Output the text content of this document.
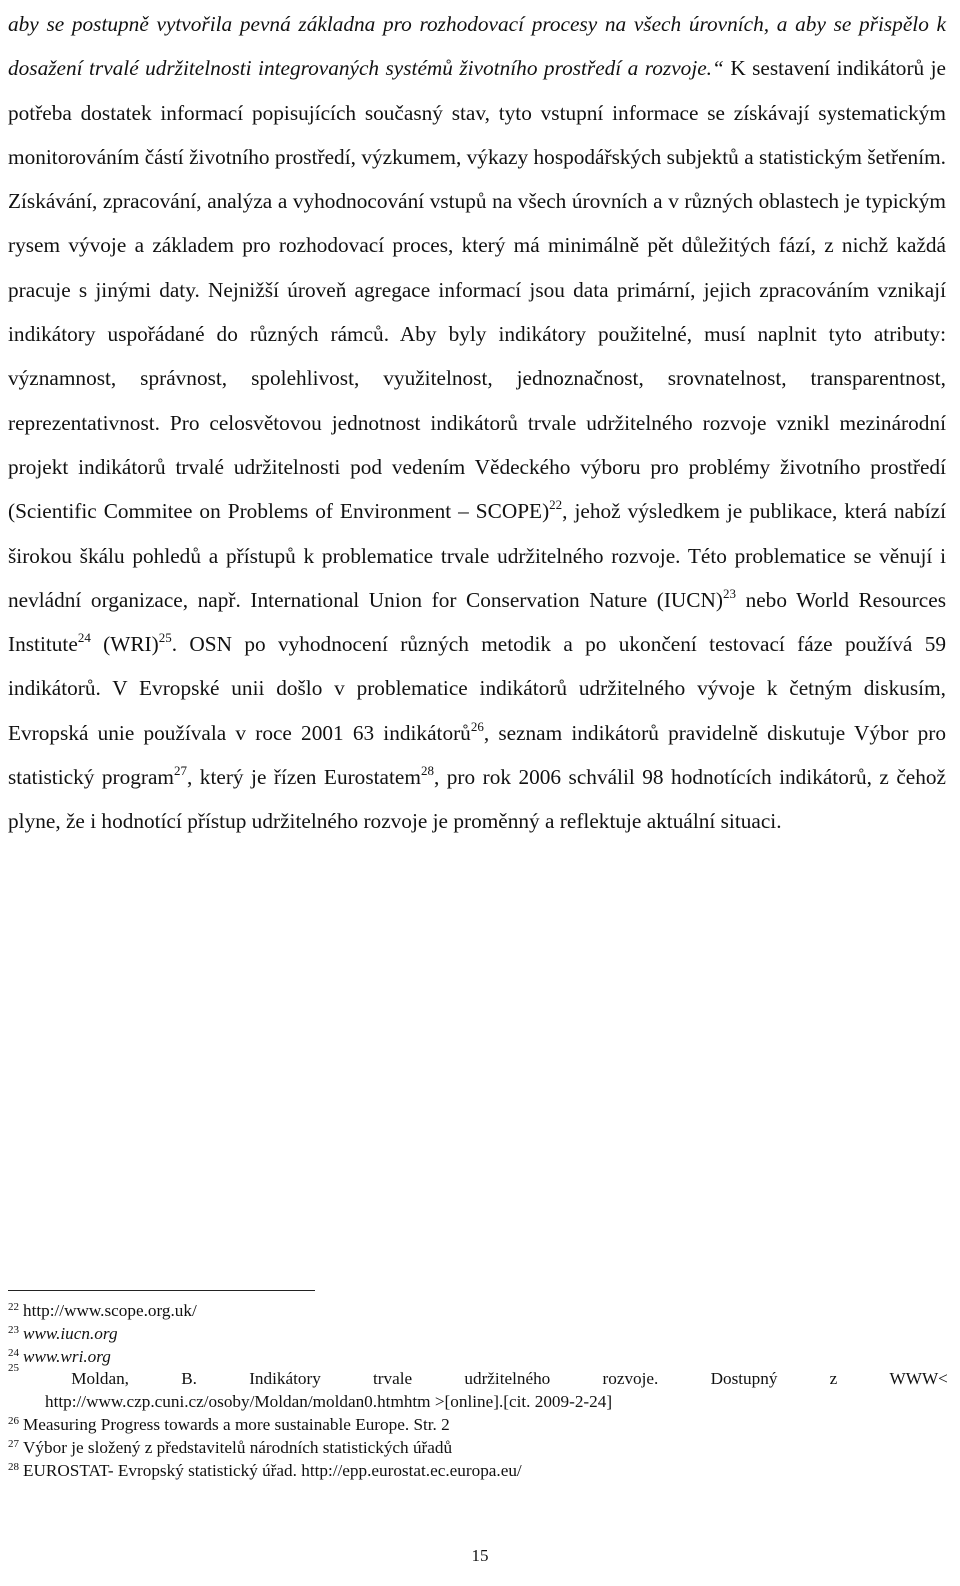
aby se postupně vytvořila pevná základna pro rozhodovací procesy na všech úrovních, a aby se přispělo k dosažení trvalé udržitelnosti integrovaných systémů životního prostředí a rozvoje.“ K sestavení indikátorů je potřeba dostatek informací popisujících současný stav, tyto vstupní informace se získávají systematickým monitorováním částí životního prostředí, výzkumem, výkazy hospodářských subjektů a statistickým šetřením. Získávání, zpracování, analýza a vyhodnocování vstupů na všech úrovních a v různých oblastech je typickým rysem vývoje a základem pro rozhodovací proces, který má minimálně pět důležitých fází, z nichž každá pracuje s jinými daty. Nejnižší úroveň agregace informací jsou data primární, jejich zpracováním vznikají indikátory uspořádané do různých rámců. Aby byly indikátory použitelné, musí naplnit tyto atributy: významnost, správnost, spolehlivost, využitelnost, jednoznačnost, srovnatelnost, transparentnost, reprezentativnost. Pro celosvětovou jednotnost indikátorů trvale udržitelného rozvoje vznikl mezinárodní projekt indikátorů trvalé udržitelnosti pod vedením Vědeckého výboru pro problémy životního prostředí (Scientific Commitee on Problems of Environment – SCOPE)$^{22}$, jehož výsledkem je publikace, která nabízí širokou škálu pohledů a přístupů k problematice trvale udržitelného rozvoje. Této problematice se věnují i nevládní organizace, např. International Union for Conservation Nature (IUCN)$^{23}$ nebo World Resources Institute$^{24}$ (WRI)$^{25}$. OSN po vyhodnocení různých metodik a po ukončení testovací fáze používá 59 indikátorů. V Evropské unii došlo v problematice indikátorů udržitelného vývoje k četným diskusím, Evropská unie používala v roce 2001 63 indikátorů$^{26}$, seznam indikátorů pravidelně diskutuje Výbor pro statistický program$^{27}$, který je řízen Eurostatem$^{28}$, pro rok 2006 schválil 98 hodnotících indikátorů, z čehož plyne, že i hodnotící přístup udržitelného rozvoje je proměnný a reflektuje aktuální situaci.

$^{22}$ http://www.scope.org.uk/
$^{23}$ www.iucn.org
$^{24}$ www.wri.org
25
Moldan,	B.	Indikátory	trvale	udržitelného	rozvoje.	Dostupný	z	WWW<
http://www.czp.cuni.cz/osoby/Moldan/moldan0.htmhtm >[online].[cit. 2009-2-24]
$^{26}$ Measuring Progress towards a more sustainable Europe. Str. 2
$^{27}$ Výbor je složený z představitelů národních statistických úřadů
$^{28}$ EUROSTAT- Evropský statistický úřad. http://epp.eurostat.ec.europa.eu/
15
